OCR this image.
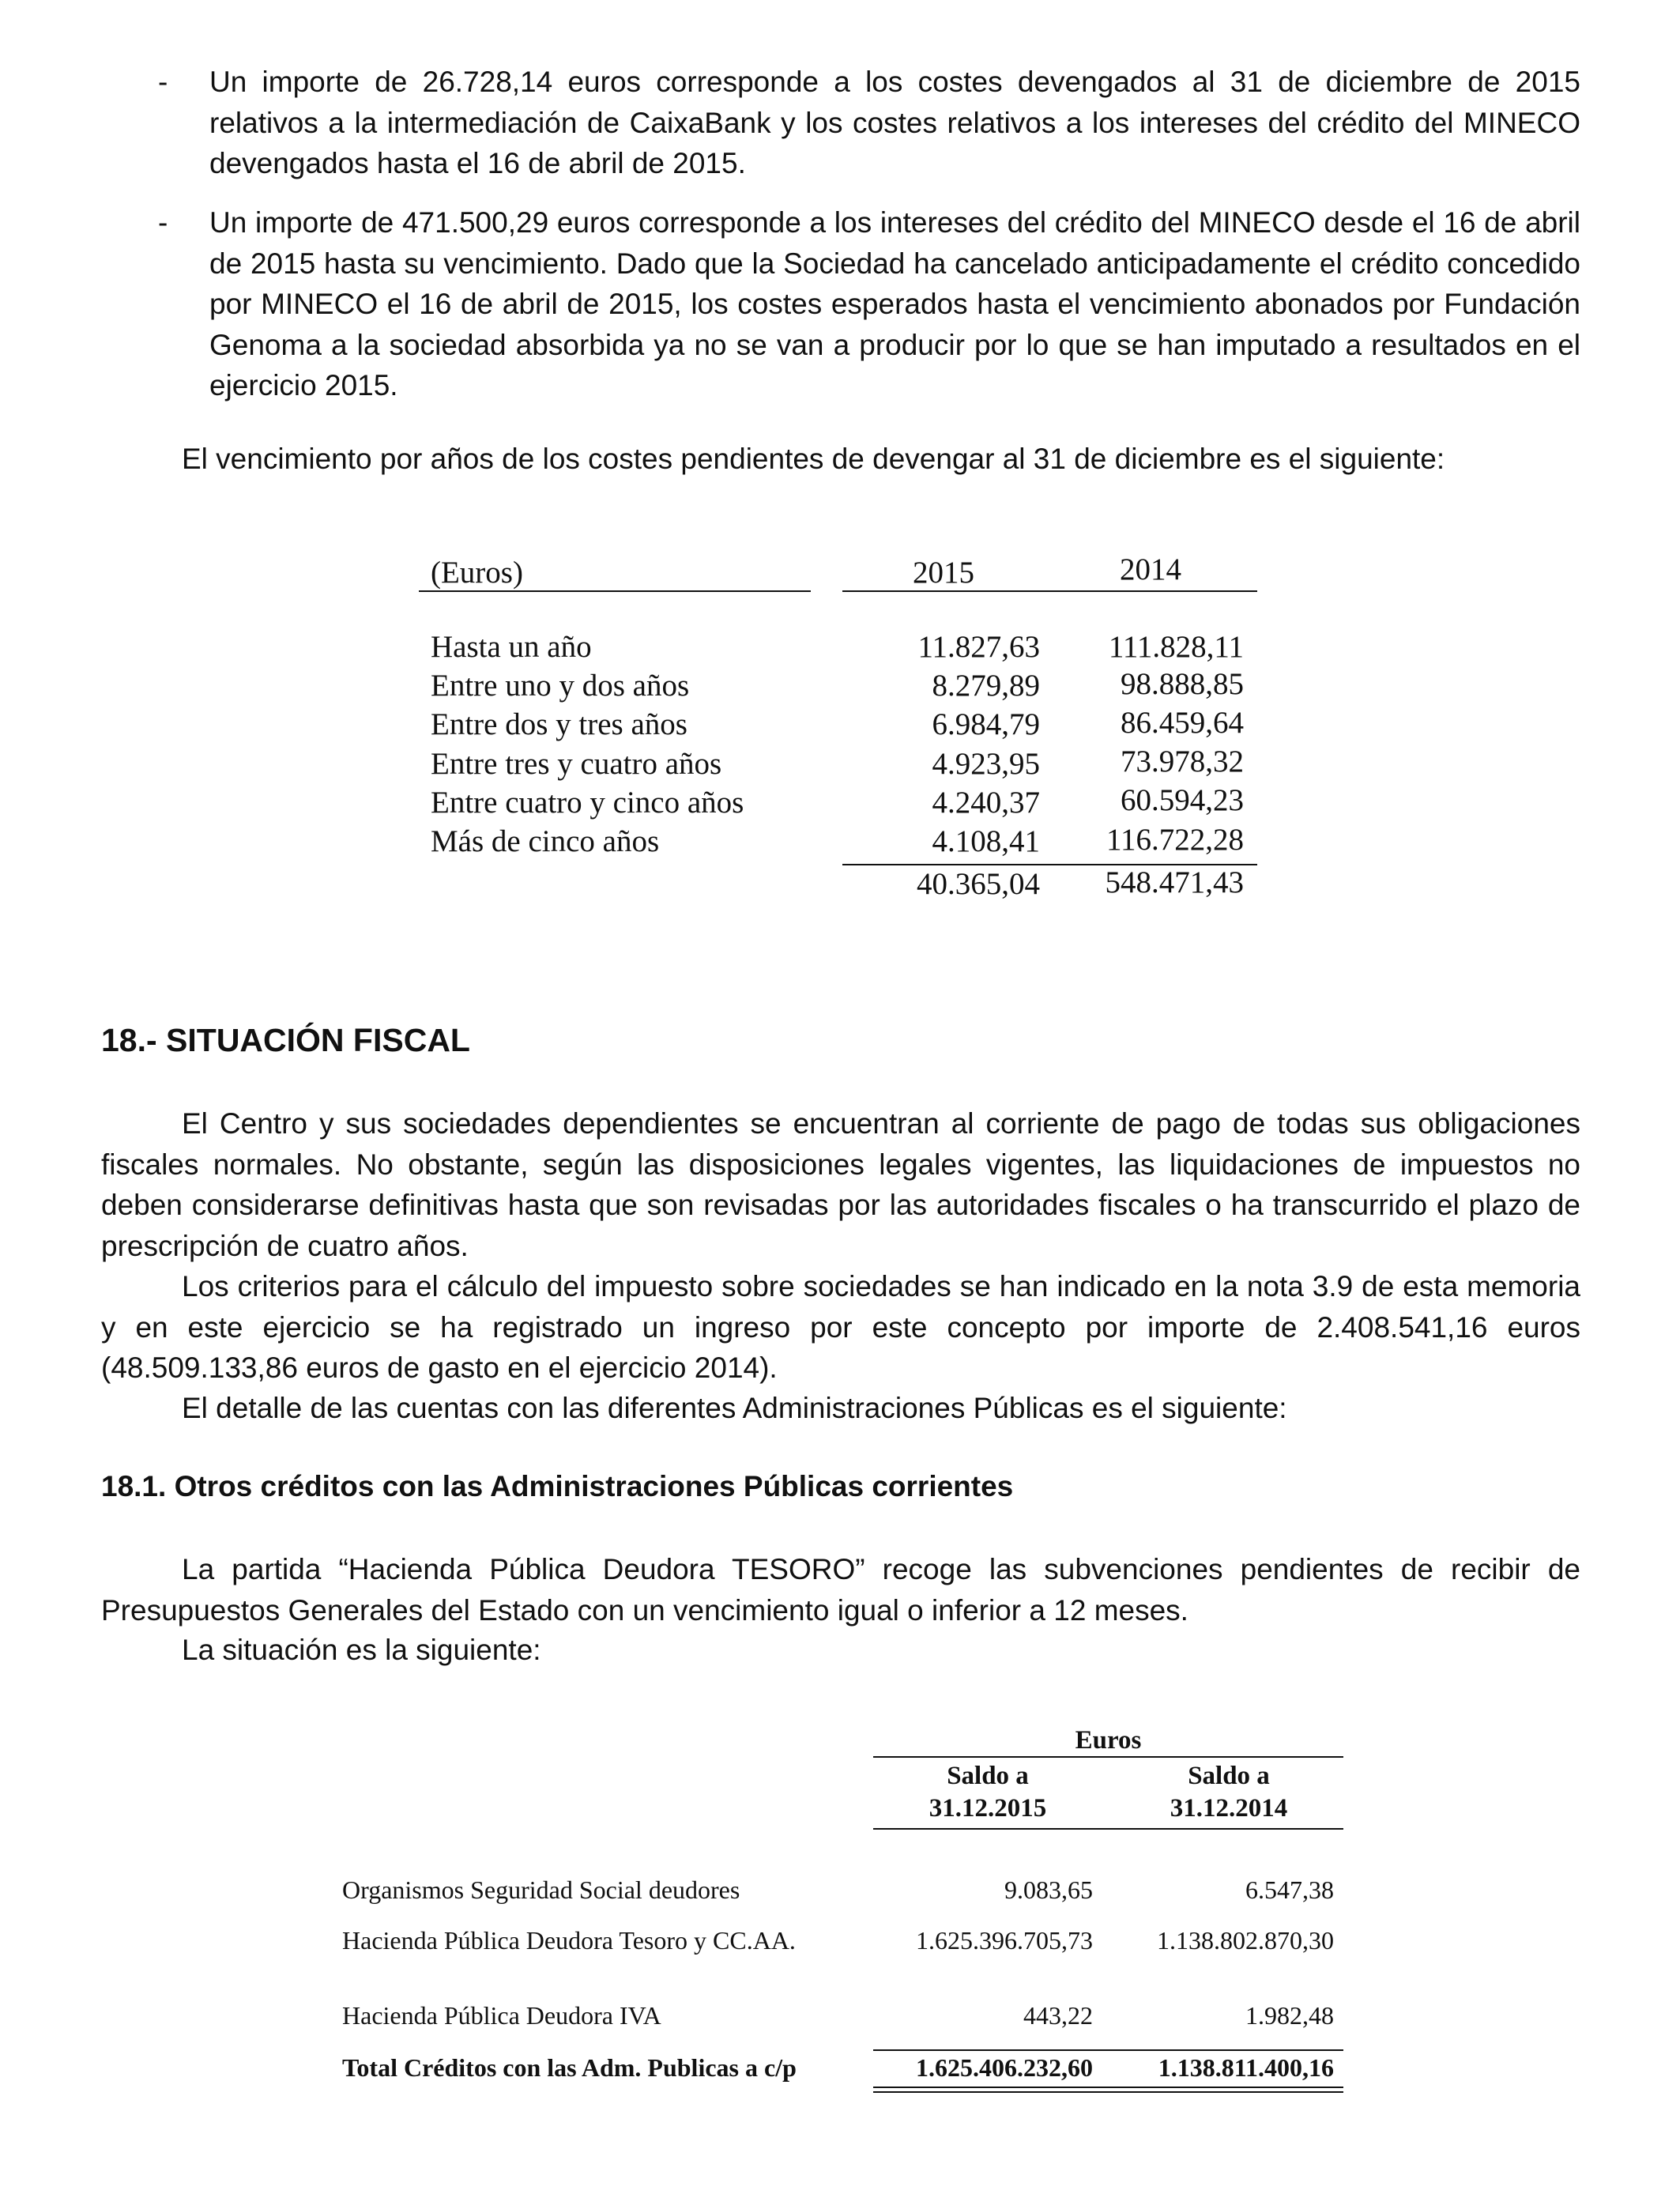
- Un importe de 26.728,14 euros corresponde a los costes devengados al 31 de diciembre de 2015 relativos a la intermediación de CaixaBank y los costes relativos a los intereses del crédito del MINECO devengados hasta el 16 de abril de 2015.
- Un importe de 471.500,29 euros corresponde a los intereses del crédito del MINECO desde el 16 de abril de 2015 hasta su vencimiento. Dado que la Sociedad ha cancelado anticipadamente el crédito concedido por MINECO el 16 de abril de 2015, los costes esperados hasta el vencimiento abonados por Fundación Genoma a la sociedad absorbida ya no se van a producir por lo que se han imputado a resultados en el ejercicio 2015.
El vencimiento por años de los costes pendientes de devengar al 31 de diciembre es el siguiente:
(Euros)	2015	2014
Hasta un año	11.827,63 111.828,11
Entre uno y dos años	8.279,89	98.888,85
Entre dos y tres años	6.984,79	86.459,64
Entre tres y cuatro años	4.923,95	73.978,32
Entre cuatro y cinco años	4.240,37	60.594,23
Más de cinco años	4.108,41 116.722,28
40.365,04 548.471,43
18.- SITUACIÓN FISCAL
El Centro y sus sociedades dependientes se encuentran al corriente de pago de todas sus obligaciones fiscales normales. No obstante, según las disposiciones legales vigentes, las liquidaciones de impuestos no deben considerarse definitivas hasta que son revisadas por las autoridades fiscales o ha transcurrido el plazo de prescripción de cuatro años.
Los criterios para el cálculo del impuesto sobre sociedades se han indicado en la nota 3.9 de esta memoria y en este ejercicio se ha registrado un ingreso por este concepto por importe de 2.408.541,16 euros (48.509.133,86 euros de gasto en el ejercicio 2014).
El detalle de las cuentas con las diferentes Administraciones Públicas es el siguiente:
18.1. Otros créditos con las Administraciones Públicas corrientes
La partida “Hacienda Pública Deudora TESORO” recoge las subvenciones pendientes de recibir de Presupuestos Generales del Estado con un vencimiento igual o inferior a 12 meses.
La situación es la siguiente:
Euros
Saldo a
31.12.2015
Saldo a
31.12.2014
Organismos Seguridad Social deudores	9.083,65	6.547,38
Hacienda Pública Deudora Tesoro y CC.AA.	1.625.396.705,73	1.138.802.870,30
Hacienda Pública Deudora IVA	443,22	1.982,48
Total Créditos con las Adm. Publicas a c/p	1.625.406.232,60	1.138.811.400,16
